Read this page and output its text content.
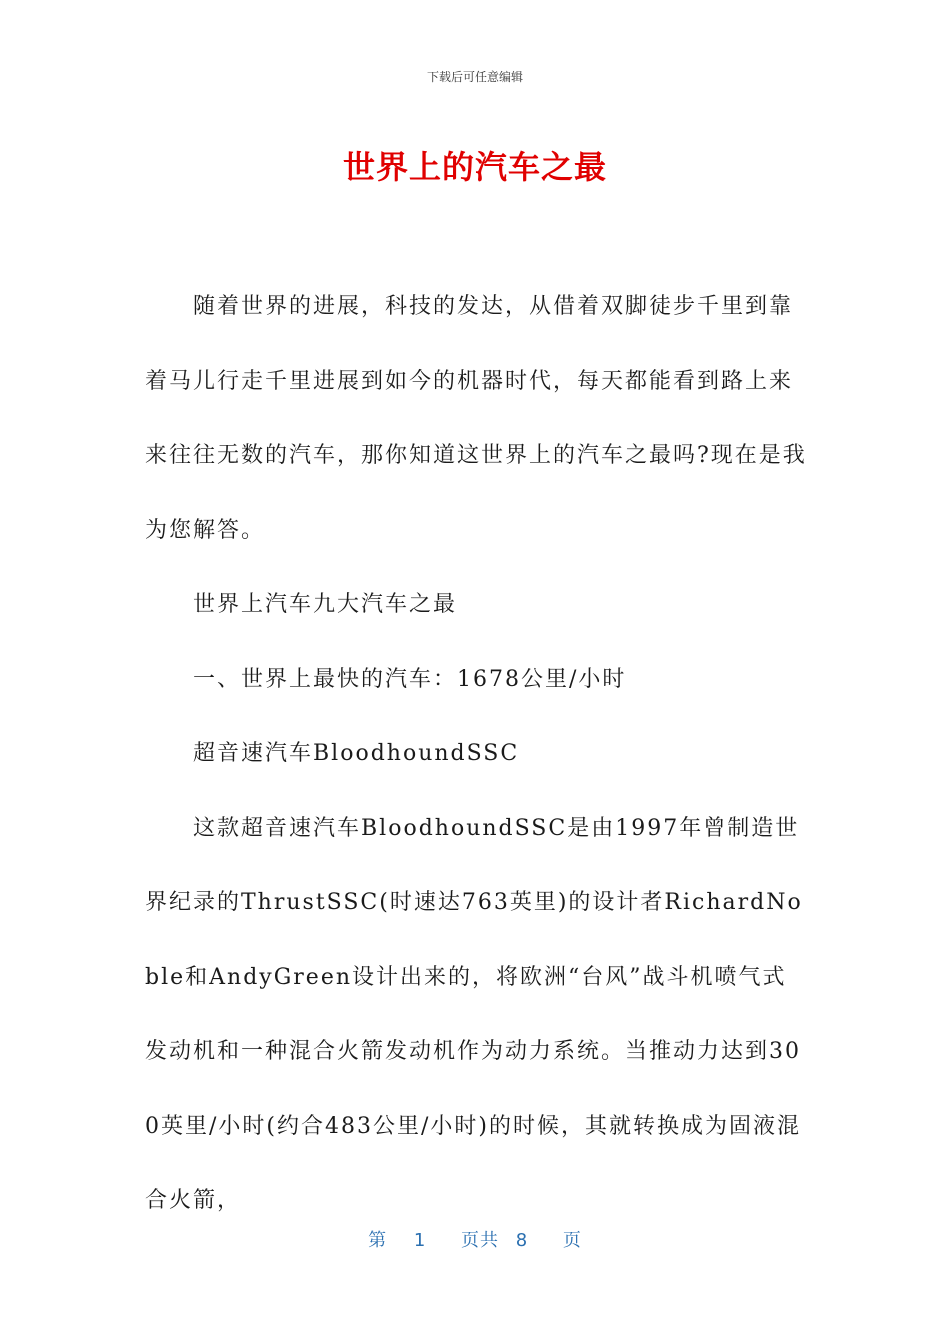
下载后可任意编辑
世界上的汽车之最

随着世界的进展，科技的发达，从借着双脚徒步千里到靠着马儿行走千里进展到如今的机器时代，每天都能看到路上来来往往无数的汽车，那你知道这世界上的汽车之最吗?现在是我为您解答。

世界上汽车九大汽车之最

一、世界上最快的汽车：1678公里/小时

超音速汽车BloodhoundSSC

这款超音速汽车BloodhoundSSC是由1997年曾制造世界纪录的ThrustSSC(时速达763英里)的设计者RichardNoble和AndyGreen设计出来的，将欧洲“台风”战斗机喷气式发动机和一种混合火箭发动机作为动力系统。当推动力达到300英里/小时(约合483公里/小时)的时候，其就转换成为固液混合火箭，

第 1 页共 8 页
